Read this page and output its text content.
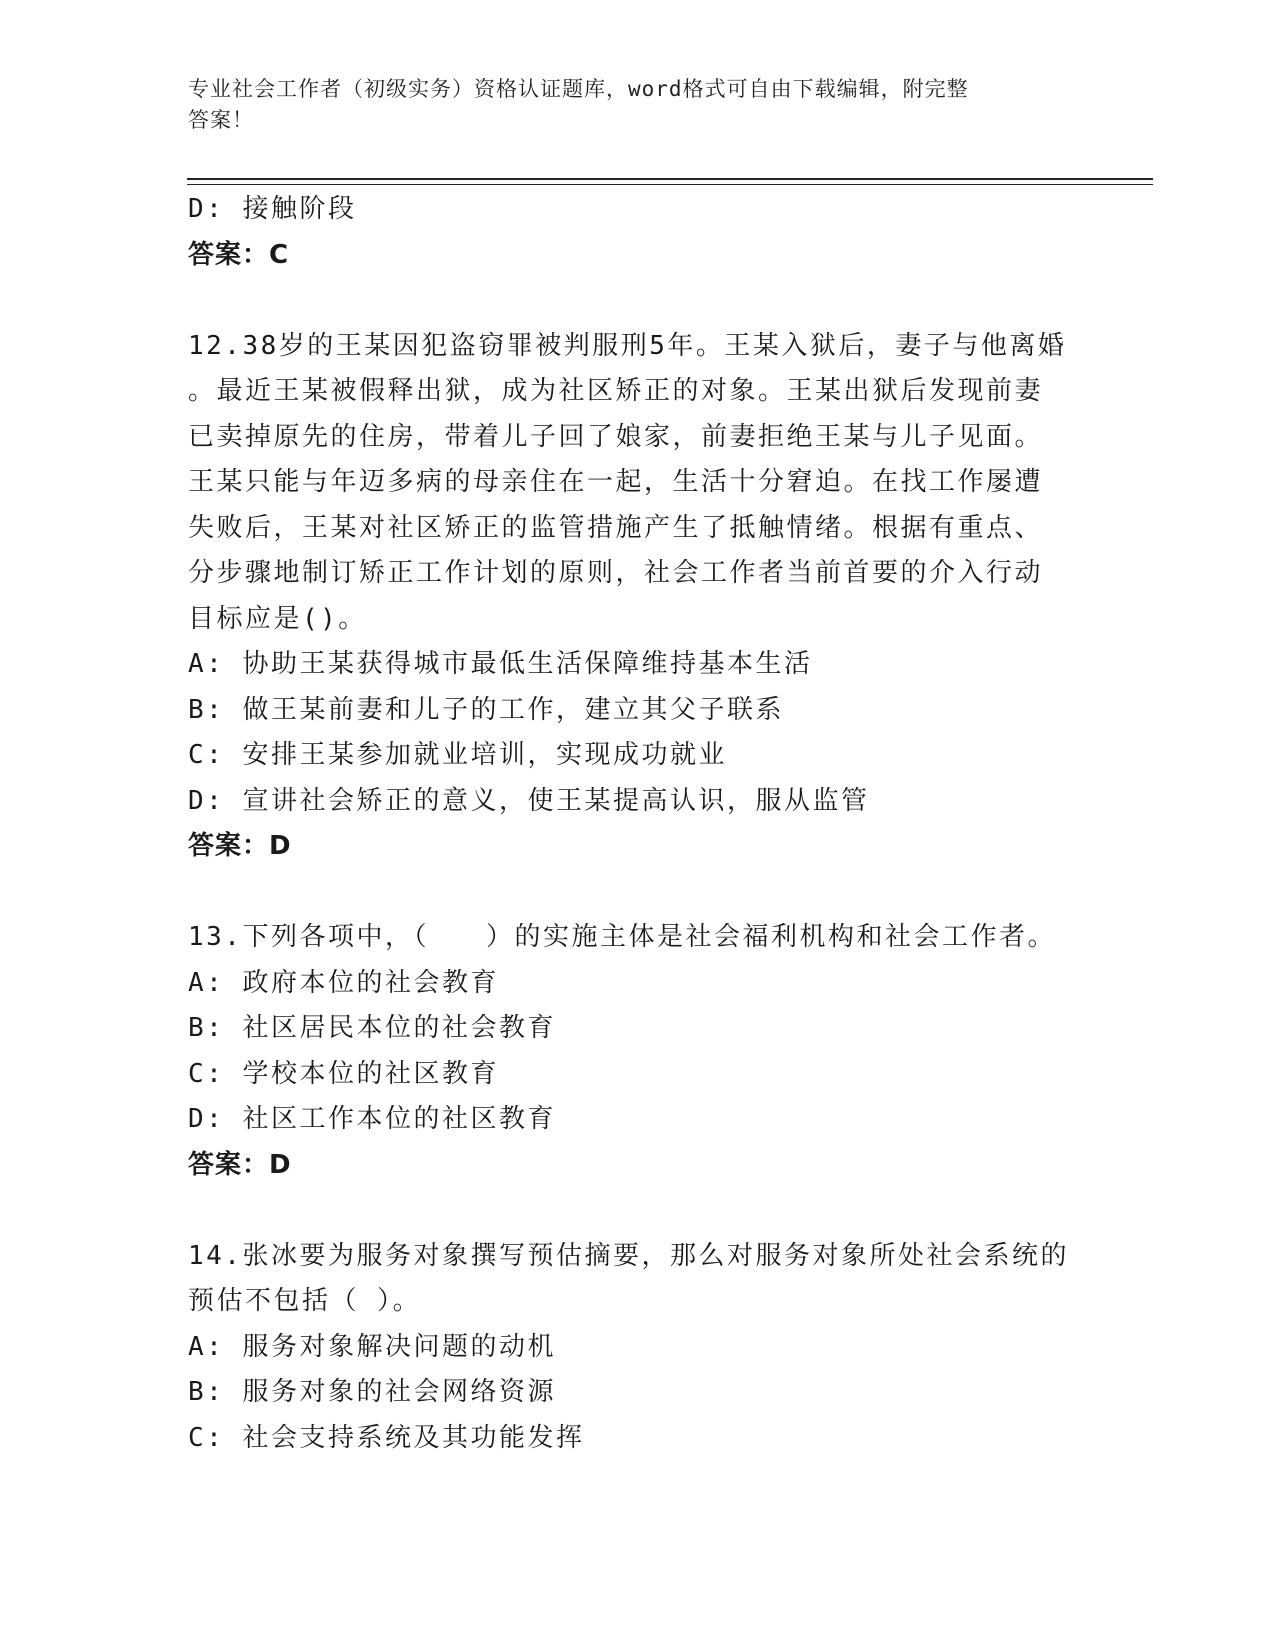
专业社会工作者（初级实务）资格认证题库，word格式可自由下载编辑，附完整
答案！
D: 接触阶段
答案：C
12.38岁的王某因犯盗窃罪被判服刑5年。王某入狱后，妻子与他离婚
。最近王某被假释出狱，成为社区矫正的对象。王某出狱后发现前妻
已卖掉原先的住房，带着儿子回了娘家，前妻拒绝王某与儿子见面。
王某只能与年迈多病的母亲住在一起，生活十分窘迫。在找工作屡遭
失败后，王某对社区矫正的监管措施产生了抵触情绪。根据有重点、
分步骤地制订矫正工作计划的原则，社会工作者当前首要的介入行动
目标应是()。
A: 协助王某获得城市最低生活保障维持基本生活
B: 做王某前妻和儿子的工作，建立其父子联系
C: 安排王某参加就业培训，实现成功就业
D: 宣讲社会矫正的意义，使王某提高认识，服从监管
答案：D
13.下列各项中，（　　）的实施主体是社会福利机构和社会工作者。
A: 政府本位的社会教育
B: 社区居民本位的社会教育
C: 学校本位的社区教育
D: 社区工作本位的社区教育
答案：D
14.张冰要为服务对象撰写预估摘要，那么对服务对象所处社会系统的
预估不包括（ ）。
A: 服务对象解决问题的动机
B: 服务对象的社会网络资源
C: 社会支持系统及其功能发挥
